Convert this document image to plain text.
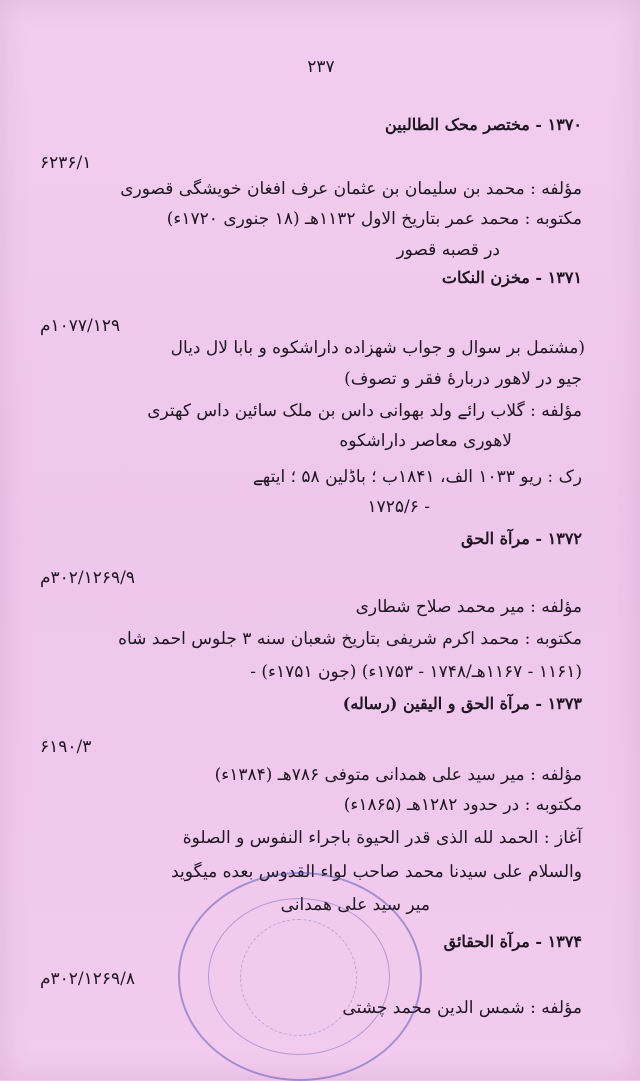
۲۳۷
۱۳۷۰ - مختصر محک الطالبین
۶۲۳۶/۱
مؤلفه : محمد بن سلیمان بن عثمان عرف افغان خویشگی قصوری
مکتوبه : محمد عمر بتاریخ الاول ۱۱۳۲هـ (۱۸ جنوری ۱۷۲۰ء)
در قصبه قصور
۱۳۷۱ - مخزن النکات
۱۰۷۷/۱۲۹م
(مشتمل بر سوال و جواب شهزاده داراشکوه و بابا لال دیال
جیو در لاهور دربارهٔ فقر و تصوف)
مؤلفه : گلاب رائے ولد بهوانی داس بن ملک سائین داس کهتری
لاهوری معاصر داراشکوه
رک : ریو ۱۰۳۳ الف، ۱۸۴۱ب ؛ باڈلین ۵۸ ؛ ایتھے
۱۷۲۵/۶ -
۱۳۷۲ - مرآة الحق
۳۰۲/۱۲۶۹/۹م
مؤلفه : میر محمد صلاح شطاری
مکتوبه : محمد اکرم شریفی بتاریخ شعبان سنه ۳ جلوس احمد شاه
(۱۱۶۱ - ۱۱۶۷هـ/۱۷۴۸ - ۱۷۵۳ء) (جون ۱۷۵۱ء) -
۱۳۷۳ - مرآة الحق و الیقین (رساله)
۶۱۹۰/۳
مؤلفه : میر سید علی همدانی متوفی ۷۸۶هـ (۱۳۸۴ء)
مکتوبه : در حدود ۱۲۸۲هـ (۱۸۶۵ء)
آغاز : الحمد لله الذی قدر الحیوة باجراء النفوس و الصلوة
والسلام علی سیدنا محمد صاحب لواء القدوس بعده میگوید
میر سید علی همدانی
۱۳۷۴ - مرآة الحقائق
۳۰۲/۱۲۶۹/۸م
مؤلفه : شمس الدین محمد چشتی
